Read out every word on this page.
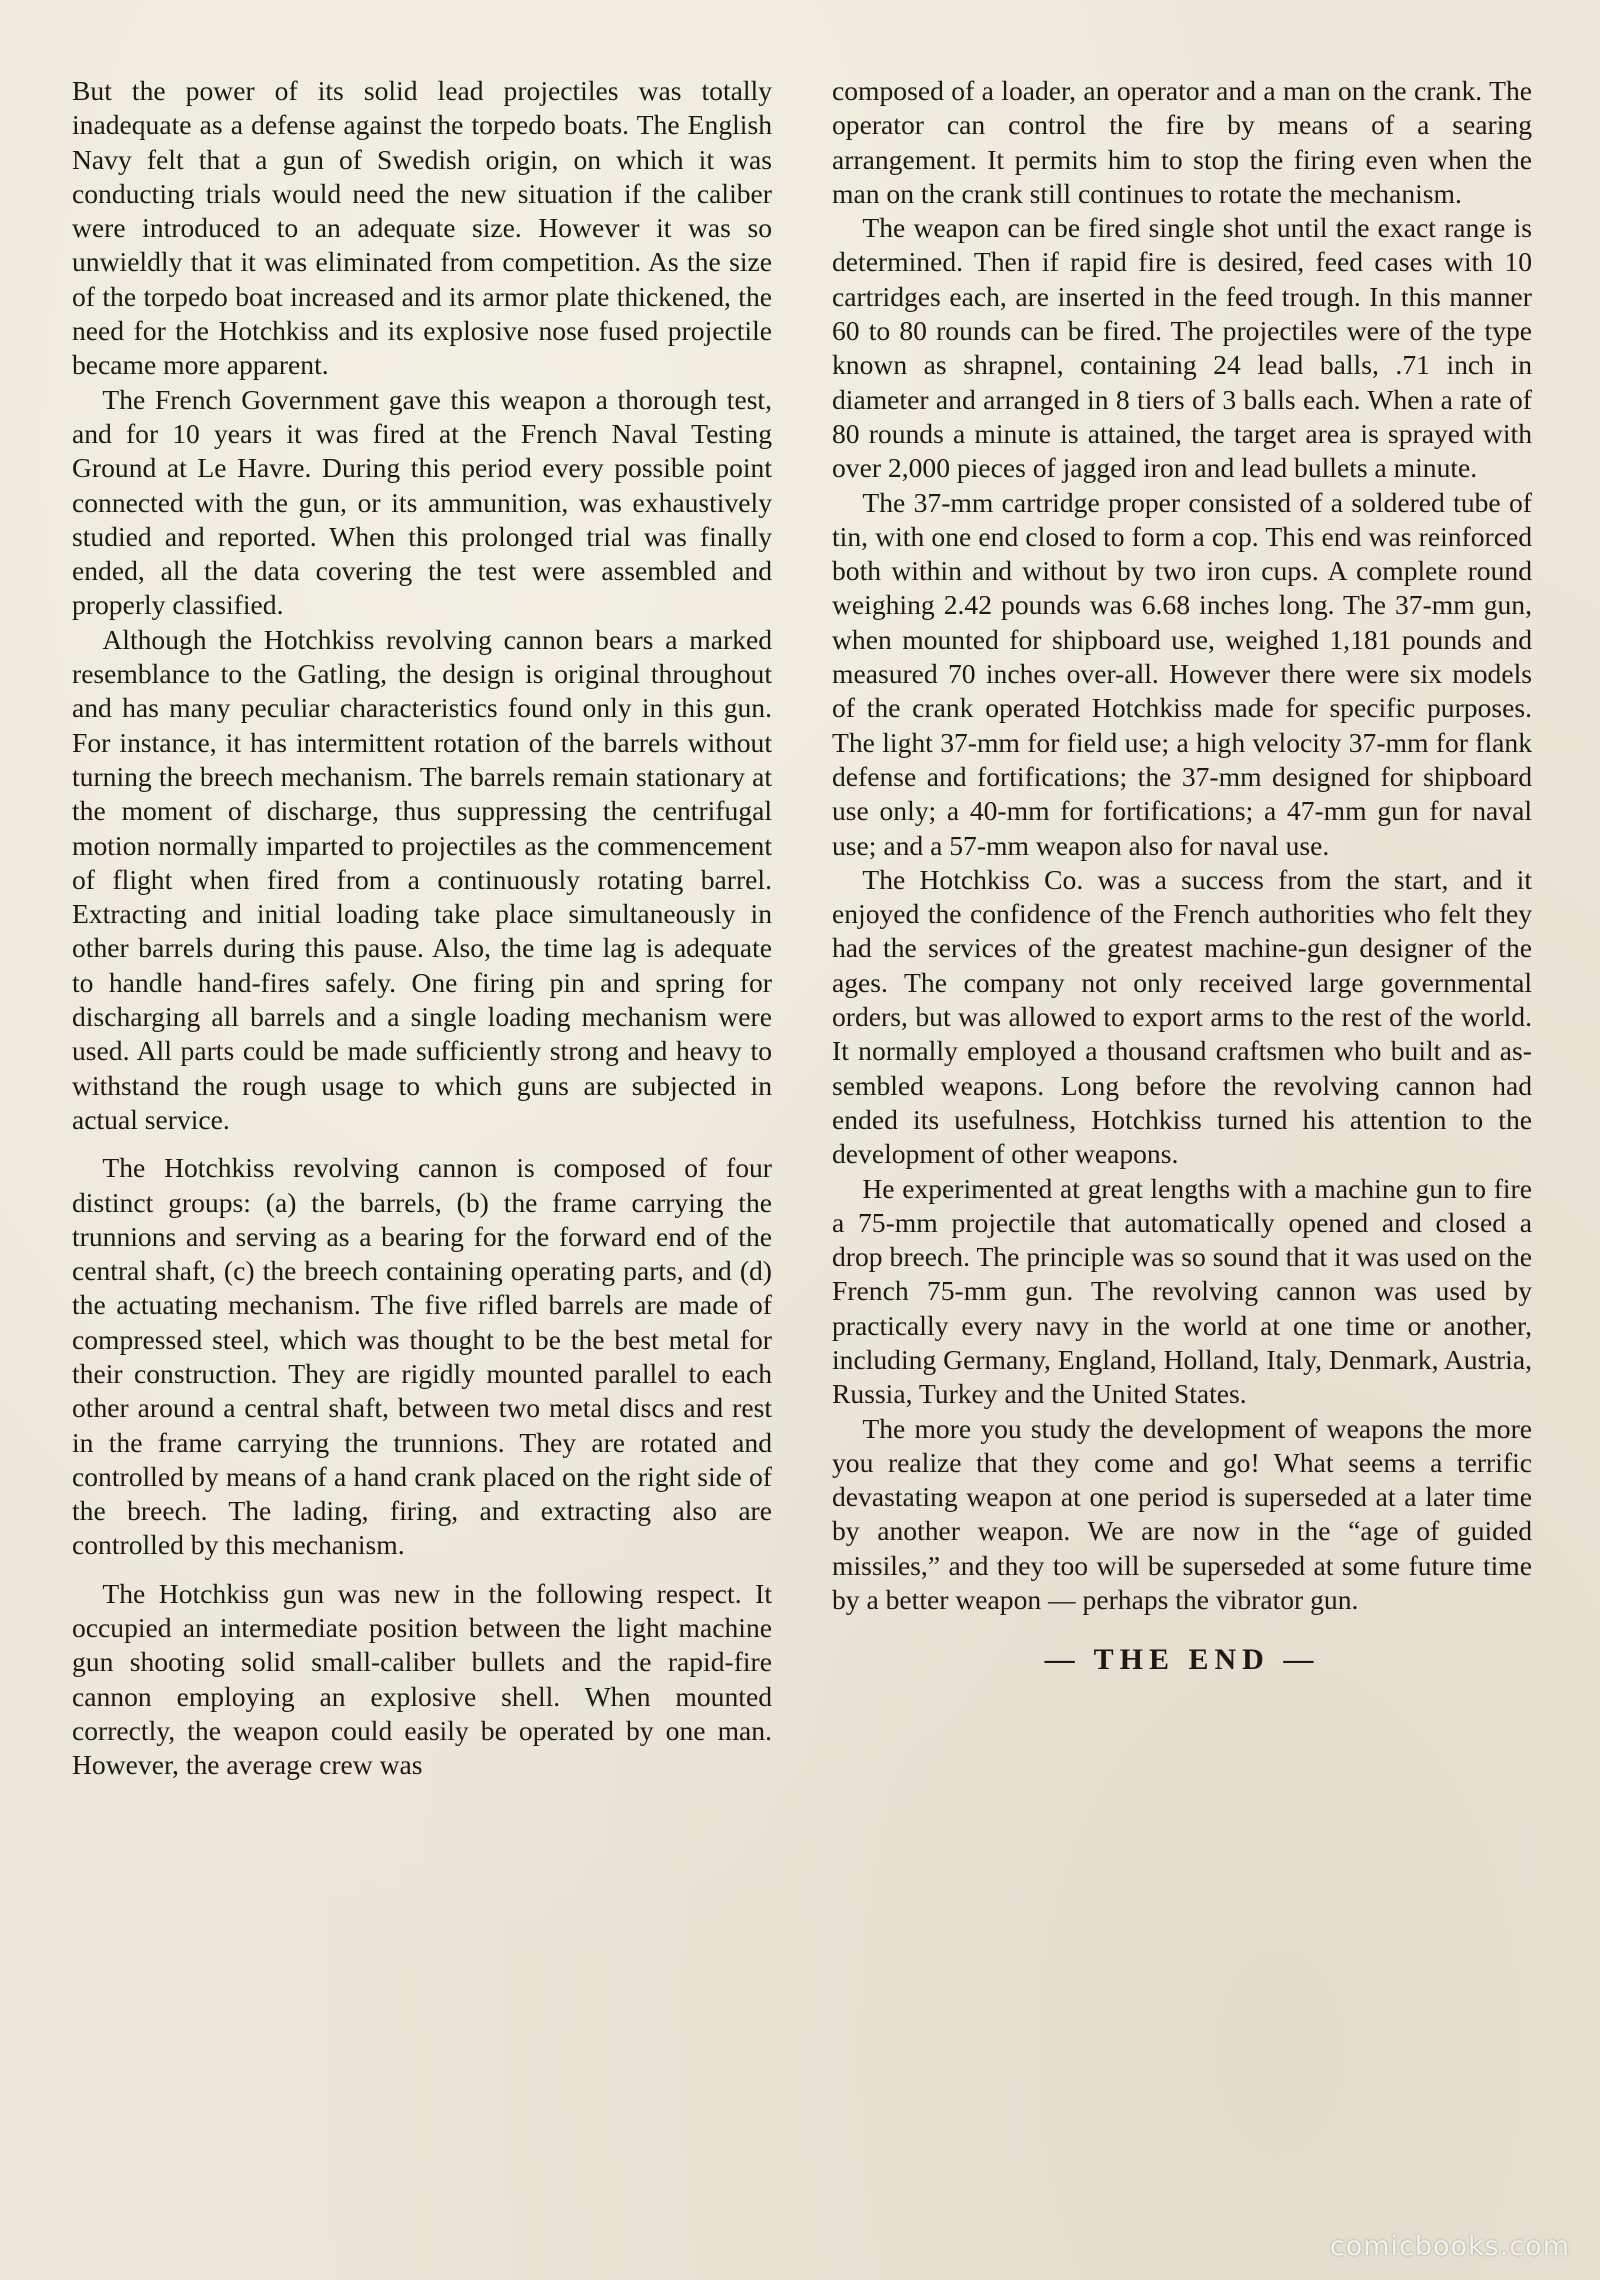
But the power of its solid lead projectiles was totally inadequate as a defense against the torpedo boats. The English Navy felt that a gun of Swedish origin, on which it was conducting trials would need the new situation if the caliber were introduced to an adequate size. However it was so unwieldly that it was eliminated from competition. As the size of the torpedo boat increased and its armor plate thickened, the need for the Hotchkiss and its explosive nose fused projectile became more apparent.

The French Government gave this weapon a thorough test, and for 10 years it was fired at the French Naval Testing Ground at Le Havre. During this period every possible point connected with the gun, or its ammunition, was exhaustively studied and reported. When this prolonged trial was finally ended, all the data covering the test were assembled and properly classified.

Although the Hotchkiss revolving cannon bears a marked resemblance to the Gatling, the design is original throughout and has many peculiar characteristics found only in this gun. For instance, it has intermittent rotation of the barrels without turning the breech mechanism. The barrels remain stationary at the moment of discharge, thus suppressing the centrifugal motion normally imparted to projectiles as the commencement of flight when fired from a continuously rotating barrel. Extracting and initial loading take place simultaneously in other barrels during this pause. Also, the time lag is adequate to handle hand-fires safely. One firing pin and spring for discharging all barrels and a single loading mechanism were used. All parts could be made sufficiently strong and heavy to withstand the rough usage to which guns are subjected in actual service.

The Hotchkiss revolving cannon is composed of four distinct groups: (a) the barrels, (b) the frame carrying the trunnions and serving as a bearing for the forward end of the central shaft, (c) the breech containing operating parts, and (d) the actuating mechanism. The five rifled barrels are made of compressed steel, which was thought to be the best metal for their construction. They are rigidly mounted parallel to each other around a central shaft, between two metal discs and rest in the frame carrying the trunnions. They are rotated and controlled by means of a hand crank placed on the right side of the breech. The lading, firing, and extracting also are controlled by this mechanism.

The Hotchkiss gun was new in the following respect. It occupied an intermediate position between the light machine gun shooting solid small-caliber bullets and the rapid-fire cannon employing an explosive shell. When mounted correctly, the weapon could easily be operated by one man. However, the average crew was

composed of a loader, an operator and a man on the crank. The operator can control the fire by means of a searing arrangement. It permits him to stop the firing even when the man on the crank still continues to rotate the mechanism.

The weapon can be fired single shot until the exact range is determined. Then if rapid fire is desired, feed cases with 10 cartridges each, are inserted in the feed trough. In this manner 60 to 80 rounds can be fired. The projectiles were of the type known as shrapnel, containing 24 lead balls, .71 inch in diameter and arranged in 8 tiers of 3 balls each. When a rate of 80 rounds a minute is attained, the target area is sprayed with over 2,000 pieces of jagged iron and lead bullets a minute.

The 37-mm cartridge proper consisted of a soldered tube of tin, with one end closed to form a cop. This end was reinforced both within and without by two iron cups. A complete round weighing 2.42 pounds was 6.68 inches long. The 37-mm gun, when mounted for shipboard use, weighed 1,181 pounds and measured 70 inches over-all. However there were six models of the crank operated Hotchkiss made for specific purposes. The light 37-mm for field use; a high velocity 37-mm for flank defense and fortifications; the 37-mm designed for shipboard use only; a 40-mm for fortifications; a 47-mm gun for naval use; and a 57-mm weapon also for naval use.

The Hotchkiss Co. was a success from the start, and it enjoyed the confidence of the French authorities who felt they had the services of the greatest machine-gun designer of the ages. The company not only received large governmental orders, but was allowed to export arms to the rest of the world. It normally employed a thousand craftsmen who built and assembled weapons. Long before the revolving cannon had ended its usefulness, Hotchkiss turned his attention to the development of other weapons.

He experimented at great lengths with a machine gun to fire a 75-mm projectile that automatically opened and closed a drop breech. The principle was so sound that it was used on the French 75-mm gun. The revolving cannon was used by practically every navy in the world at one time or another, including Germany, England, Holland, Italy, Denmark, Austria, Russia, Turkey and the United States.

The more you study the development of weapons the more you realize that they come and go! What seems a terrific devastating weapon at one period is superseded at a later time by another weapon. We are now in the “age of guided missiles,” and they too will be superseded at some future time by a better weapon — perhaps the vibrator gun.

— THE END —
comicbooks.com
